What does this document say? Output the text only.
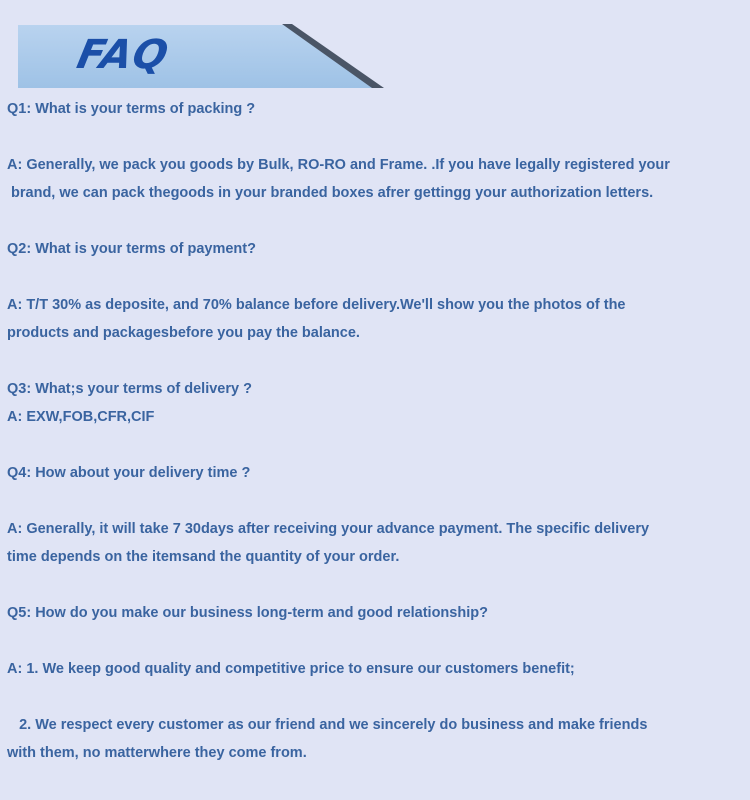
FAQ
Q1: What is your terms of packing ?
A: Generally, we pack you goods by Bulk, RO-RO and Frame. .If you have legally registered your
brand, we can pack thegoods in your branded boxes afrer gettingg your authorization letters.
Q2: What is your terms of payment?
A: T/T 30% as deposite, and 70% balance before delivery.We'll show you the photos of the
products and packagesbefore you pay the balance.
Q3: What;s your terms of delivery ?
A: EXW,FOB,CFR,CIF
Q4: How about your delivery time ?
A: Generally, it will take 7 30days after receiving your advance payment. The specific delivery
time depends on the itemsand the quantity of your order.
Q5: How do you make our business long-term and good relationship?
A: 1. We keep good quality and competitive price to ensure our customers benefit;
2. We respect every customer as our friend and we sincerely do business and make friends
with them, no matterwhere they come from.
